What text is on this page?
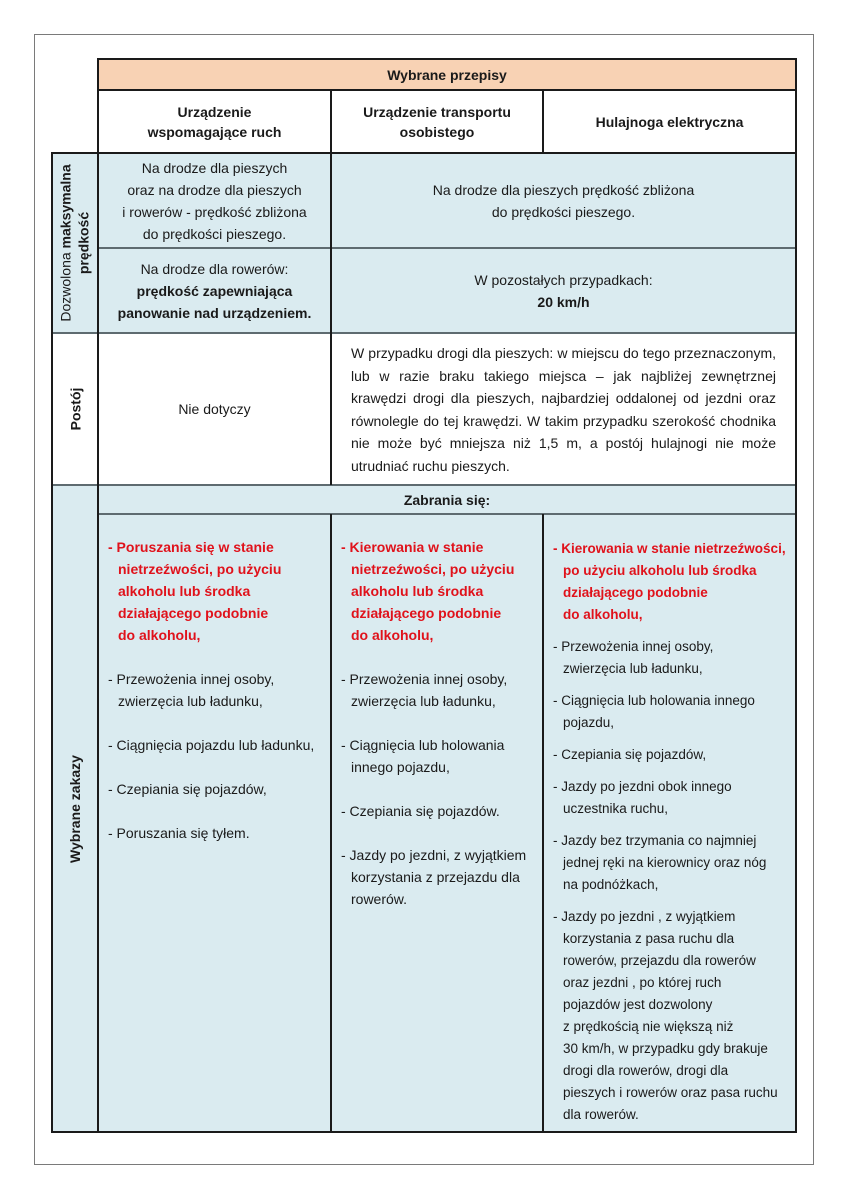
Wybrane przepisy
Urządzenie
wspomagające ruch
Urządzenie transportu
osobistego
Hulajnoga elektryczna
Dozwolona maksymalna prędkość
Na drodze dla pieszych
oraz na drodze dla pieszych
i rowerów - prędkość zbliżona
do prędkości pieszego.
Na drodze dla rowerów:
prędkość zapewniająca
panowanie nad urządzeniem.
Na drodze dla pieszych prędkość zbliżona
do prędkości pieszego.
W pozostałych przypadkach:
20 km/h
Postój	Nie dotyczy
W przypadku drogi dla pieszych: w miejscu do tego przeznaczonym, lub w razie braku takiego miejsca – jak najbliżej zewnętrznej krawędzi drogi dla pieszych, najbardziej oddalonej od jezdni oraz równolegle do tej krawędzi. W takim przypadku szerokość chodnika nie może być mniejsza niż 1,5 m, a postój hulajnogi nie może utrudniać ruchu pieszych.
Wybrane zakazy
Zabrania się:
- Poruszania się w stanie
nietrzeźwości, po użyciu
alkoholu lub środka
działającego podobnie
do alkoholu,
- Przewożenia innej osoby,
zwierzęcia lub ładunku,
- Ciągnięcia pojazdu lub ładunku,
- Czepiania się pojazdów,
- Poruszania się tyłem.
- Kierowania w stanie
nietrzeźwości, po użyciu
alkoholu lub środka
działającego podobnie
do alkoholu,
- Przewożenia innej osoby,
zwierzęcia lub ładunku,
- Ciągnięcia lub holowania
innego pojazdu,
- Czepiania się pojazdów.
- Jazdy po jezdni, z wyjątkiem
korzystania z przejazdu dla
rowerów.
- Kierowania w stanie nietrzeźwości,
po użyciu alkoholu lub środka
działającego podobnie
do alkoholu,
- Przewożenia innej osoby,
zwierzęcia lub ładunku,
- Ciągnięcia lub holowania innego
pojazdu,
- Czepiania się pojazdów,
- Jazdy po jezdni obok innego
uczestnika ruchu,
- Jazdy bez trzymania co najmniej
jednej ręki na kierownicy oraz nóg
na podnóżkach,
- Jazdy po jezdni , z wyjątkiem
korzystania z pasa ruchu dla
rowerów, przejazdu dla rowerów
oraz jezdni , po której ruch
pojazdów jest dozwolony
z prędkością nie większą niż
30 km/h, w przypadku gdy brakuje
drogi dla rowerów, drogi dla
pieszych i rowerów oraz pasa ruchu
dla rowerów.
